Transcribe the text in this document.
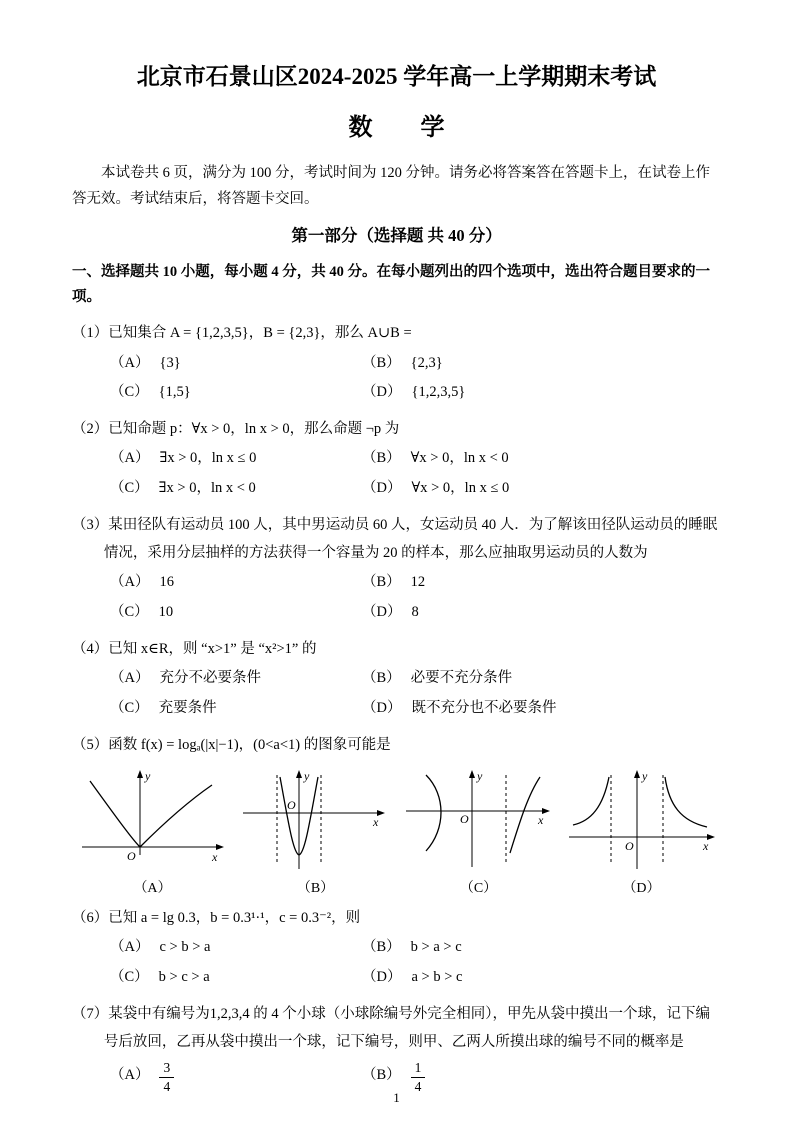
北京市石景山区2024-2025 学年高一上学期期末考试
数　　学

本试卷共 6 页，满分为 100 分，考试时间为 120 分钟。请务必将答案答在答题卡上，在试卷上作答无效。考试结束后，将答题卡交回。

第一部分（选择题 共 40 分）

一、选择题共 10 小题，每小题 4 分，共 40 分。在每小题列出的四个选项中，选出符合题目要求的一项。

（1）已知集合 A = {1,2,3,5}，B = {2,3}，那么 A∪B =
（A） {3}	（B） {2,3}
（C） {1,5}	（D） {1,2,3,5}
（2）已知命题 p：∀x > 0，ln x > 0，那么命题 ¬p 为
（A） ∃x > 0，ln x ≤ 0	（B） ∀x > 0，ln x < 0
（C） ∃x > 0，ln x < 0	（D） ∀x > 0，ln x ≤ 0
（3）某田径队有运动员 100 人，其中男运动员 60 人，女运动员 40 人．为了解该田径队运动员的睡眠情况，采用分层抽样的方法获得一个容量为 20 的样本，那么应抽取男运动员的人数为
（A） 16	（B） 12
（C） 10	（D） 8
（4）已知 x∈R，则 “x>1” 是 “x²>1” 的
（A） 充分不必要条件	（B） 必要不充分条件
（C） 充要条件	（D） 既不充分也不必要条件
（5）函数 f(x) = logₐ(|x|−1)，(0<a<1) 的图象可能是
y
x
O
（A）
y
x
O
（B）
y
x
O
（C）
y
x
O
（D）
（6）已知 a = lg 0.3，b = 0.3¹·¹，c = 0.3⁻²，则
（A） c > b > a	（B） b > a > c
（C） b > c > a	（D） a > b > c
（7）某袋中有编号为1,2,3,4 的 4 个小球（小球除编号外完全相同），甲先从袋中摸出一个球，记下编号后放回，乙再从袋中摸出一个球，记下编号，则甲、乙两人所摸出球的编号不同的概率是
$(A) \frac{3}{4}$	$(B) \frac{1}{4}$
1
